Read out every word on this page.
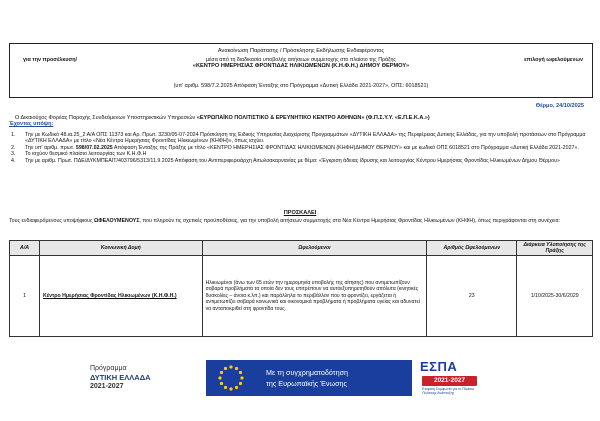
Ανακοίνωση Παράτασης / Πρόσκλησης Εκδήλωσης Ενδιαφέροντος
για την προσέλκυση/	επιλογή ωφελούμενων
μέσα από τη διαδικασία υποβολής αιτήσεων συμμετοχής στο πλαίσιο της Πράξης
«ΚΕΝΤΡΟ ΗΜΕΡΗΣΙΑΣ ΦΡΟΝΤΙΔΑΣ ΗΛΙΚΙΩΜΕΝΩΝ (Κ.Η.Φ.Η.) ΔΗΜΟΥ ΘΕΡΜΟΥ»
(υπ' αριθμ. 598/7.2.2025 Απόφαση Ένταξης στο Πρόγραμμα «Δυτική Ελλάδα 2021-2027», ΟΠΣ: 6018521)
Θέρμο, 24/10/2025
Ο Δικαιούχος Φορέας Παροχής Συνδεόμενων Υποστηρικτικών Υπηρεσιών «ΕΥΡΩΠΑΪΚΟ ΠΟΛΙΤΙΣΤΙΚΟ & ΕΡΕΥΝΗΤΙΚΟ ΚΕΝΤΡΟ ΑΘΗΝΩΝ» (Φ.Π.Σ.Υ.Υ. «Ε.Π.Ε.Κ.Α.»)
Έχοντας υπόψη:
1. Την με Κωδικό 48.ια.25_2 Α/Α ΟΠΣ 11373 και Αρ. Πρωτ. 3230/05-07-2024 Πρόσκληση της Ειδικής Υπηρεσίας Διαχείρισης Προγραμμάτων «ΔΥΤΙΚΗ ΕΛΛΑΔΑ» της Περιφέρειας Δυτικής Ελλάδας, για την υποβολή προτάσεων στο Πρόγραμμα «ΔΥΤΙΚΗ ΕΛΛΑΔΑ» με τίτλο «Νέα Κέντρα Ημερήσιας Φροντίδας Ηλικιωμένων (ΚΗΦΗ)», όπως ισχύει.
2. Την υπ' αριθμ. πρωτ. 598/07.02.2025 Απόφαση Ένταξης της Πράξης με τίτλο «ΚΕΝΤΡΟ ΗΜΕΡΗΣΙΑΣ ΦΡΟΝΤΙΔΑΣ ΗΛΙΚΙΩΜΕΝΩΝ (ΚΗΦΗ)ΔΗΜΟΥ ΘΕΡΜΟΥ» και με κωδικό ΟΠΣ 6018521 στο Πρόγραμμα «Δυτική Ελλάδα 2021-2027».
3. Το ισχύον θεσμικό πλαίσιο λειτουργίας των Κ.Η.Φ.Η
4. Την με αριθμ. Πρωτ. ΠΔΕ/ΔΥΚΜΠΕΑΙΤ/403796/5313/11.9.2025 Απόφαση του Αντιπεριφερειάρχη Αιτωλοακαρνανίας με θέμα: «Έγκριση άδειας ίδρυσης και λειτουργίας Κέντρου Ημερήσιας Φροντίδας Ηλικιωμένων Δήμου Θέρμου»
ΠΡΟΣΚΑΛΕΙ
Τους ενδιαφερόμενους υποψήφιους ΩΦΕΛΟΥΜΕΝΟΥΣ, που πληρούν τις σχετικές προϋποθέσεις, για την υποβολή αιτήσεων συμμετοχής στα Νέα Κέντρα Ημερήσιας Φροντίδας Ηλικιωμένων (ΚΗΦΗ), όπως περιγράφονται στη συνέχεια:
Α/Α	Κοινωνική Δομή	Ωφελούμενοι	Αριθμός Ωφελούμενων	Διάρκεια Υλοποίησης της Πράξης
1	Κέντρο Ημερήσιας Φροντίδας Ηλικιωμένων (Κ.Η.Φ.Η.)	Ηλικιωμένοι (άνω των 65 ετών την ημερομηνία υποβολής της αίτησης) που αντιμετωπίζουν σοβαρά προβλήματα τα οποία δεν τους επιτρέπουν να αυτοεξυπηρετηθούν απόλυτα (κινητικές δυσκολίες – άνοια κ.λπ.) και παράλληλα το περιβάλλον που τα φροντίζει, εργάζεται ή αντιμετωπίζει σοβαρά κοινωνικά και οικονομικά προβλήματα ή προβλήματα υγείας και αδυνατεί να ανταποκριθεί στη φροντίδα τους.	23	1/10/2025-30/6/2029
Πρόγραμμα
ΔΥΤΙΚΗ ΕΛΛΑΔΑ
2021-2027
Με τη συγχρηματοδότηση
της Ευρωπαϊκής Ένωσης
ΕΣΠΑ
2021-2027
Εταιρική Συμφωνία για το Πλαίσιο Πολιτικής Ανάπτυξης
